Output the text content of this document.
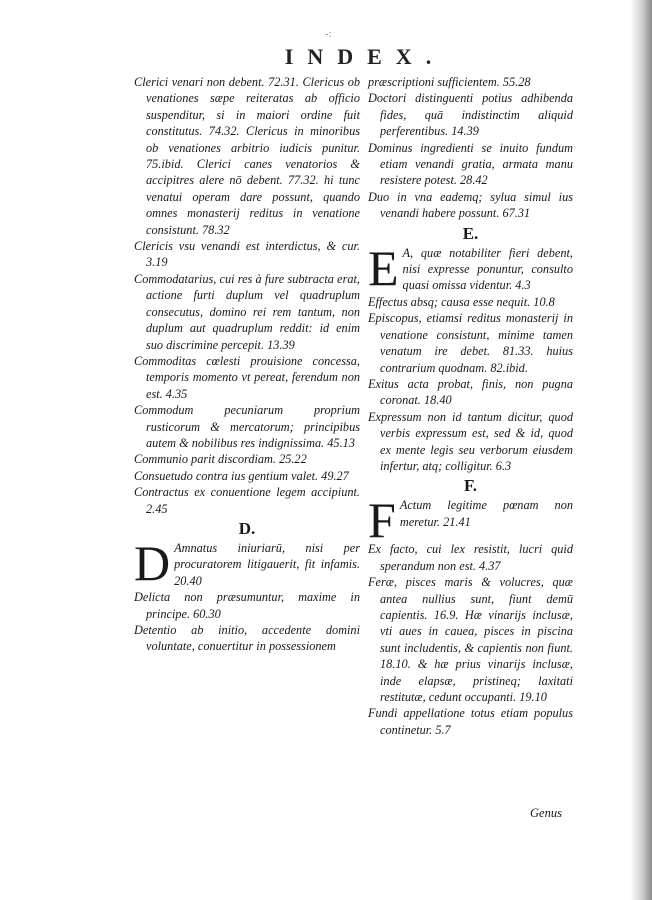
-:
INDEX.
Clerici venari non debent. 72.31. Clericus ob venationes sæpe reiteratas ab officio suspenditur, si in maiori ordine fuit constitutus. 74.32. Clericus in minoribus ob venationes arbitrio iudicis punitur. 75.ibid. Clerici canes venatorios & accipitres alere nō debent. 77.32. hi tunc venatui operam dare possunt, quando omnes monasterij reditus in venatione consistunt. 78.32
Clericis vsu venandi est interdictus, & cur. 3.19
Commodatarius, cui res à fure subtracta erat, actione furti duplum vel quadruplum consecutus, domino rei rem tantum, non duplum aut quadruplum reddit: id enim suo discrimine percepit. 13.39
Commoditas cœlesti prouisione concessa, temporis momento vt pereat, ferendum non est. 4.35
Commodum pecuniarum proprium rusticorum & mercatorum; principibus autem & nobilibus res indignissima. 45.13
Communio parit discordiam. 25.22
Consuetudo contra ius gentium valet. 49.27
Contractus ex conuentione legem accipiunt. 2.45
D.
D Amnatus iniuriarū, nisi per procuratorem litigauerit, fit infamis. 20.40
Delicta non præsumuntur, maxime in principe. 60.30
Detentio ab initio, accedente domini voluntate, conuertitur in possessionem
præscriptioni sufficientem. 55.28
Doctori distinguenti potius adhibenda fides, quā indistinctim aliquid perferentibus. 14.39
Dominus ingredienti se inuito fundum etiam venandi gratia, armata manu resistere potest. 28.42
Duo in vna eademq; sylua simul ius venandi habere possunt. 67.31
E.
E A, quæ notabiliter fieri debent, nisi expresse ponuntur, consulto quasi omissa videntur. 4.3
Effectus absq; causa esse nequit. 10.8
Episcopus, etiamsi reditus monasterij in venatione consistunt, minime tamen venatum ire debet. 81.33. huius contrarium quodnam. 82.ibid.
Exitus acta probat, finis, non pugna coronat. 18.40
Expressum non id tantum dicitur, quod verbis expressum est, sed & id, quod ex mente legis seu verborum eiusdem infertur, atq; colligitur. 6.3
F.
F Actum legitime pœnam non meretur. 21.41
Ex facto, cui lex resistit, lucri quid sperandum non est. 4.37
Feræ, pisces maris & volucres, quæ antea nullius sunt, fiunt demū capientis. 16.9. Hæ vinarijs inclusæ, vti aues in cauea, pisces in piscina sunt includentis, & capientis non fiunt. 18.10. & hæ prius vinarijs inclusæ, inde elapsæ, pristineq; laxitati restitutæ, cedunt occupanti. 19.10
Fundi appellatione totus etiam populus continetur. 5.7
Genus
